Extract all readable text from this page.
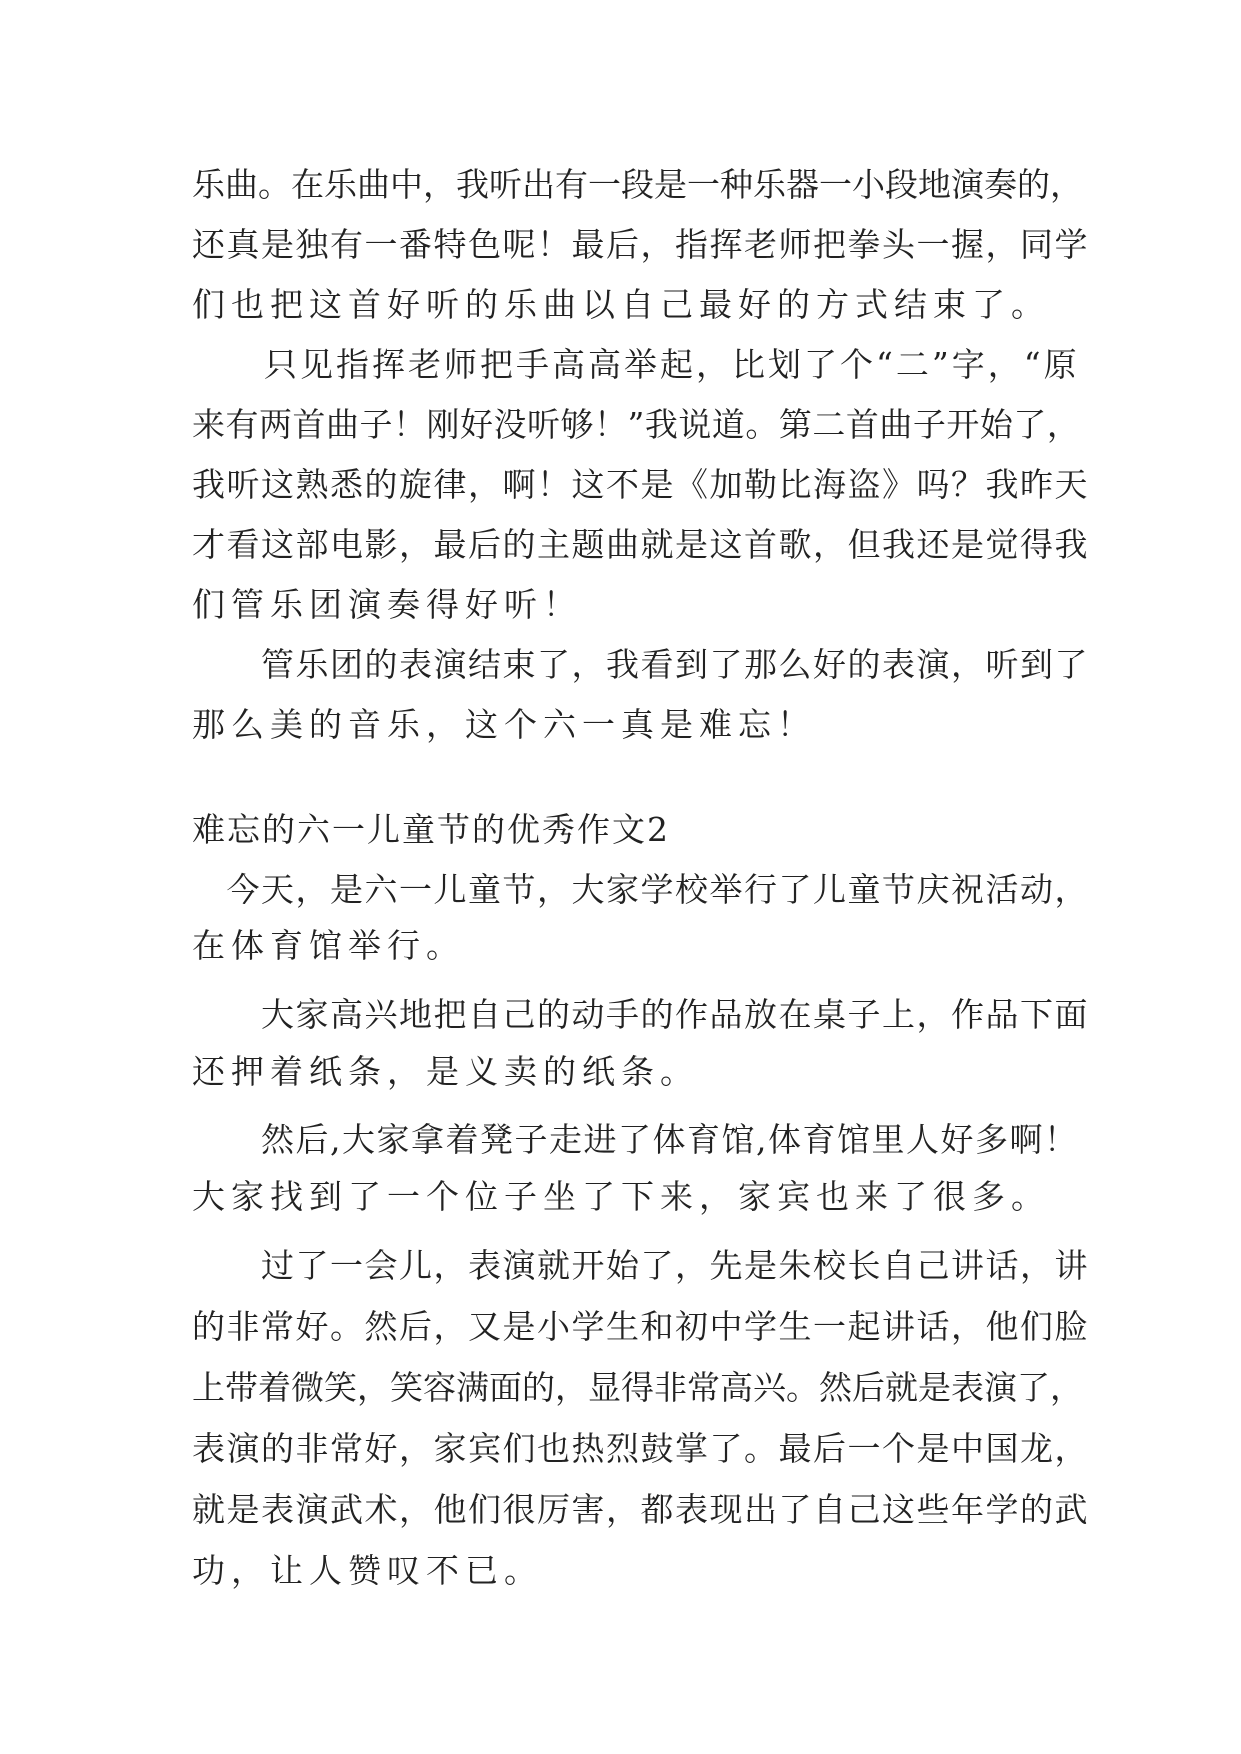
乐曲。在乐曲中，我听出有一段是一种乐器一小段地演奏的，
还真是独有一番特色呢！最后，指挥老师把拳头一握，同学
们也把这首好听的乐曲以自己最好的方式结束了。
　　只见指挥老师把手高高举起，比划了个“二”字，“原
来有两首曲子！刚好没听够！”我说道。第二首曲子开始了，
我听这熟悉的旋律，啊！这不是《加勒比海盗》吗？我昨天
才看这部电影，最后的主题曲就是这首歌，但我还是觉得我
们管乐团演奏得好听！
　　管乐团的表演结束了，我看到了那么好的表演，听到了
那么美的音乐，这个六一真是难忘！
难忘的六一儿童节的优秀作文2
　今天，是六一儿童节，大家学校举行了儿童节庆祝活动，
在体育馆举行。
　　大家高兴地把自己的动手的作品放在桌子上，作品下面
还押着纸条，是义卖的纸条。
　　然后,大家拿着凳子走进了体育馆,体育馆里人好多啊！
大家找到了一个位子坐了下来，家宾也来了很多。
　　过了一会儿，表演就开始了，先是朱校长自己讲话，讲
的非常好。然后，又是小学生和初中学生一起讲话，他们脸
上带着微笑，笑容满面的，显得非常高兴。然后就是表演了，
表演的非常好，家宾们也热烈鼓掌了。最后一个是中国龙，
就是表演武术，他们很厉害，都表现出了自己这些年学的武
功，让人赞叹不已。
